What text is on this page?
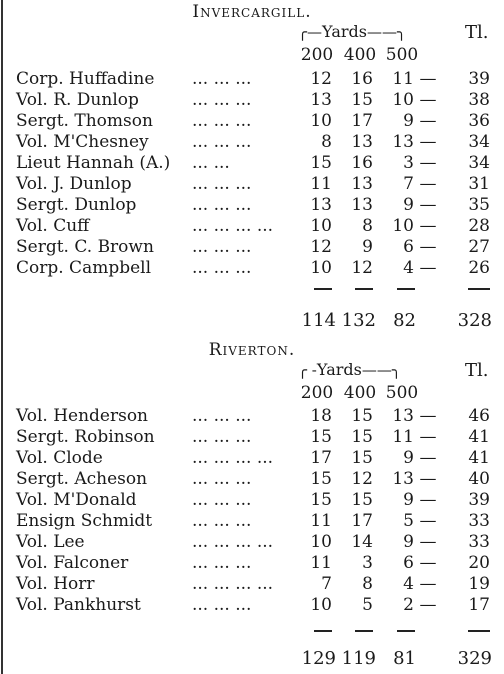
Invercargill.
╭—Yards——╮	Tl.
200 400 500
Corp. Huffadine ... ... ...	12	16	11 —	39
Vol. R. Dunlop	... ... ...	13	15	10 —	38
Sergt. Thomson ... ... ...	10	17	9 —	36
Vol. M'Chesney	... ... ...	8	13	13 —	34
Lieut Hannah (A.) ... ...	15	16	3 —	34
Vol. J. Dunlop	... ... ...	11	13	7 —	31
Sergt. Dunlop	... ... ...	13	13	9 —	35
Vol. Cuff	... ... ... ...	10	8	10 —	28
Sergt. C. Brown ... ... ...	12	9	6 —	27
Corp. Campbell ... ... ...	10	12	4 —	26
114 132 82	328
Riverton.
╭ -Yards——╮	Tl.
200 400 500
Vol. Henderson	... ... ...	18	15	13 —	46
Sergt. Robinson ... ... ...	15	15	11 —	41
Vol. Clode	... ... ... ...	17	15	9 —	41
Sergt. Acheson	... ... ...	15	12	13 —	40
Vol. M'Donald	... ... ...	15	15	9 —	39
Ensign Schmidt ... ... ...	11	17	5 —	33
Vol. Lee	... ... ... ...	10	14	9 —	33
Vol. Falconer	... ... ...	11	3	6 —	20
Vol. Horr	... ... ... ...	7	8	4 —	19
Vol. Pankhurst	... ... ...	10	5	2 —	17
129 119 81	329
